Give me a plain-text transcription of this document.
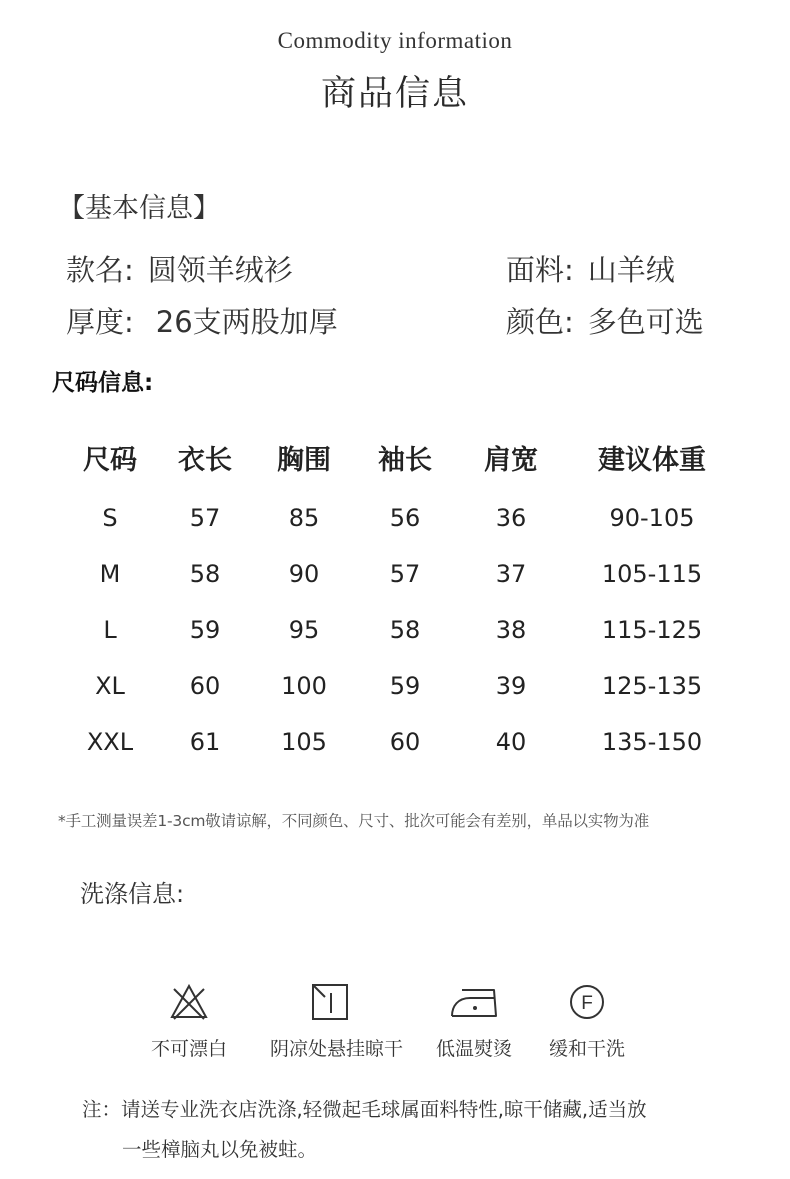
Commodity information
商品信息
【基本信息】
款名: 圆领羊绒衫	面料: 山羊绒
厚度: 26支两股加厚	颜色: 多色可选
尺码信息:
尺码	衣长	胸围	袖长	肩宽	建议体重
S	57	85	56	36	90-105
M	58	90	57	37	105-115
L	59	95	58	38	115-125
XL	60	100	59	39	125-135
XXL	61	105	60	40	135-150
*手工测量误差1-3cm敬请谅解，不同颜色、尺寸、批次可能会有差别，单品以实物为准
洗涤信息:
不可漂白	阴凉处悬挂晾干	低温熨烫
F
缓和干洗
注：请送专业洗衣店洗涤,轻微起毛球属面料特性,晾干储藏,适当放
一些樟脑丸以免被蛀。
